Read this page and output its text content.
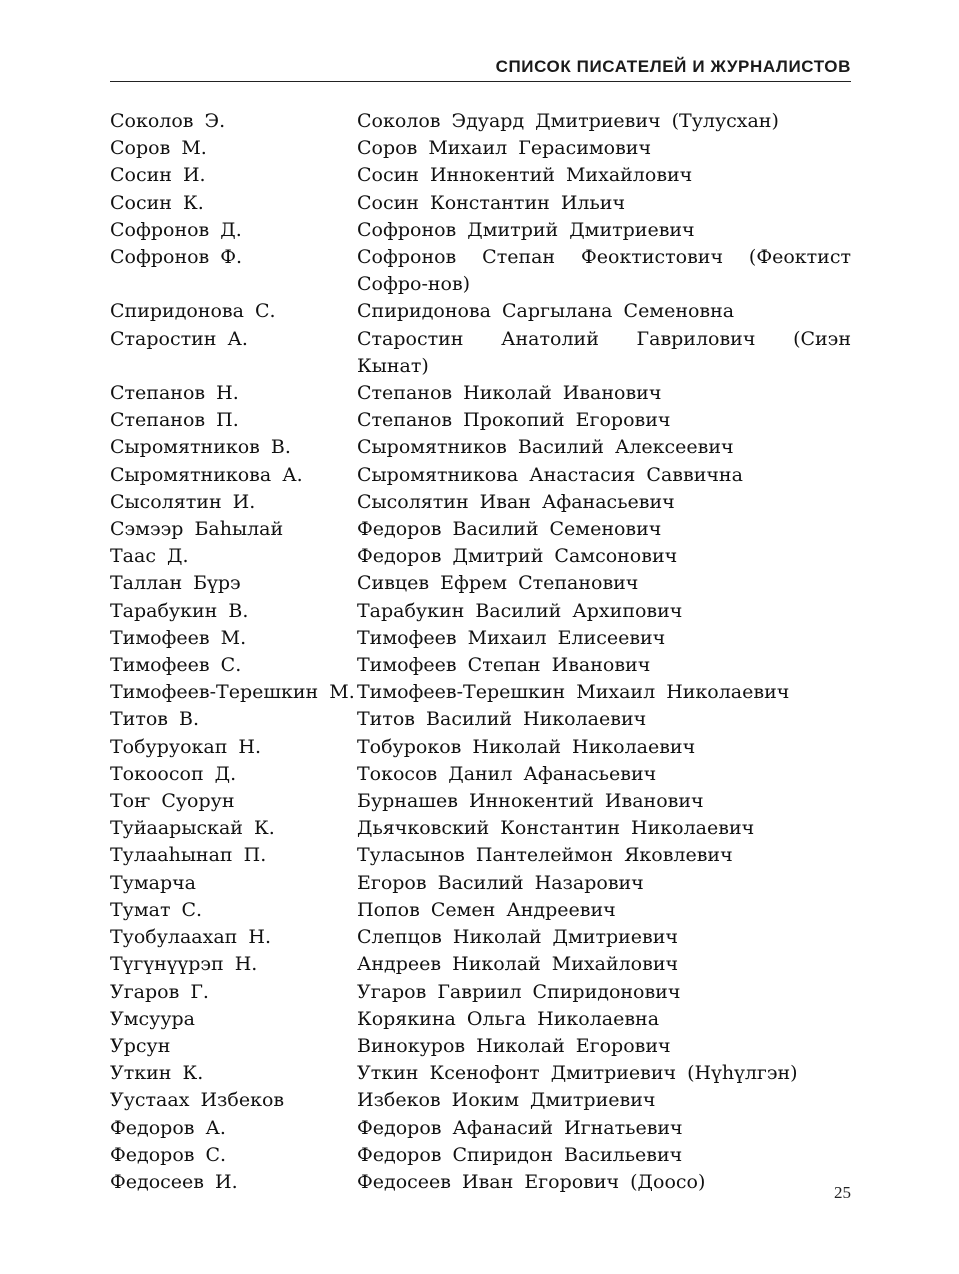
СПИСОК ПИСАТЕЛЕЙ И ЖУРНАЛИСТОВ
Соколов Э.	Соколов Эдуард Дмитриевич (Тулусхан)
Соров М.	Соров Михаил Герасимович
Сосин И.	Сосин Иннокентий Михайлович
Сосин К.	Сосин Константин Ильич
Софронов Д.	Софронов Дмитрий Дмитриевич
Софронов Ф.	Софронов Степан Феоктистович (Феоктист Софро-нов)
Спиридонова С.	Спиридонова Саргылана Семеновна
Старостин А.	Старостин Анатолий Гаврилович (Сиэн Кынат)
Степанов Н.	Степанов Николай Иванович
Степанов П.	Степанов Прокопий Егорович
Сыромятников В.	Сыромятников Василий Алексеевич
Сыромятникова А.	Сыромятникова Анастасия Саввична
Сысолятин И.	Сысолятин Иван Афанасьевич
Сэмээр Баһылай	Федоров Василий Семенович
Таас Д.	Федоров Дмитрий Самсонович
Таллан Бүрэ	Сивцев Ефрем Степанович
Тарабукин В.	Тарабукин Василий Архипович
Тимофеев М.	Тимофеев Михаил Елисеевич
Тимофеев С.	Тимофеев Степан Иванович
Тимофеев-Терешкин М. Тимофеев-Терешкин Михаил Николаевич
Титов В.	Титов Василий Николаевич
Тобуруокап Н.	Тобуроков Николай Николаевич
Токоосоп Д.	Токосов Данил Афанасьевич
Тоҥ Суорун	Бурнашев Иннокентий Иванович
Туйаарыскай К.	Дьячковский Константин Николаевич
Тулааһынап П.	Туласынов Пантелеймон Яковлевич
Тумарча	Егоров Василий Назарович
Тумат С.	Попов Семен Андреевич
Туобулаахап Н.	Слепцов Николай Дмитриевич
Түгүнүүрэп Н.	Андреев Николай Михайлович
Угаров Г.	Угаров Гавриил Спиридонович
Умсуура	Корякина Ольга Николаевна
Урсун	Винокуров Николай Егорович
Уткин К.	Уткин Ксенофонт Дмитриевич (Нүһүлгэн)
Уустаах Избеков	Избеков Иоким Дмитриевич
Федоров А.	Федоров Афанасий Игнатьевич
Федоров С.	Федоров Спиридон Васильевич
Федосеев И.	Федосеев Иван Егорович (Доосо)	25
